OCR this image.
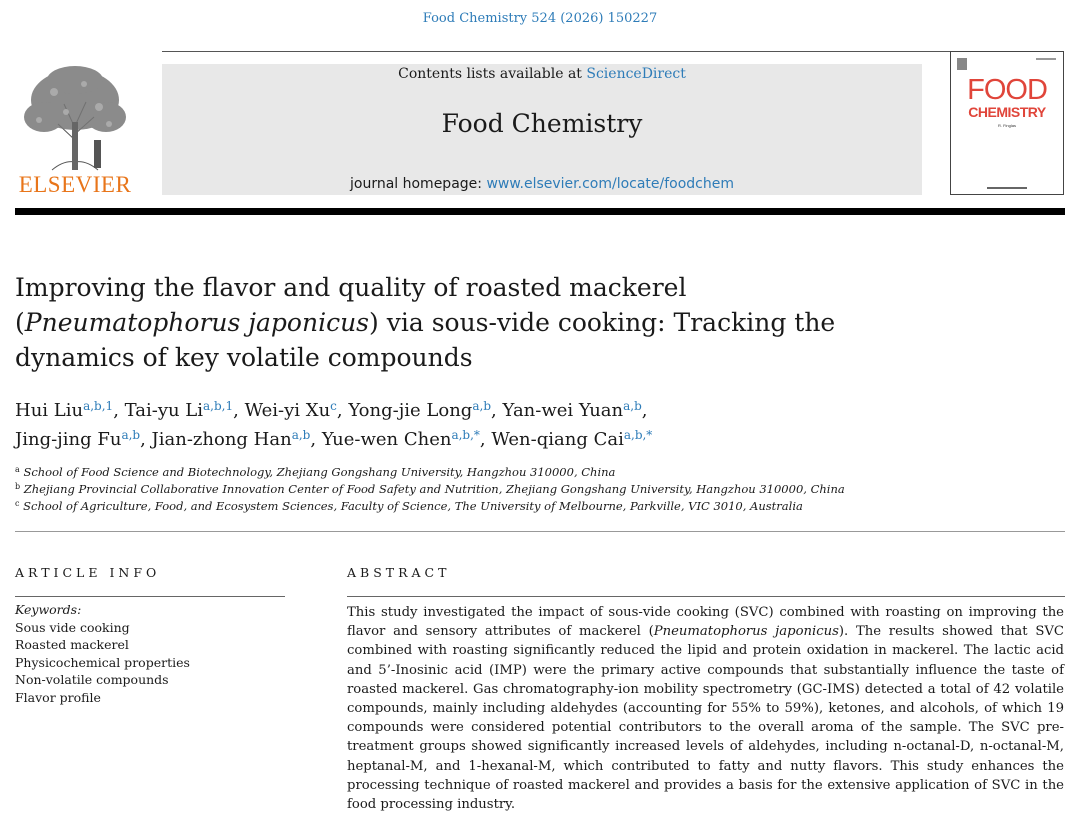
Food Chemistry 524 (2026) 150227
ELSEVIER
Contents lists available at ScienceDirect
Food Chemistry
journal homepage: www.elsevier.com/locate/foodchem
FOOD
CHEMISTRY
R. Finglas
Improving the flavor and quality of roasted mackerel (Pneumatophorus japonicus) via sous-vide cooking: Tracking the dynamics of key volatile compounds
Hui Liu$^{a,b,1}$, Tai-yu Li$^{a,b,1}$, Wei-yi Xu$^c$, Yong-jie Long$^{a,b}$, Yan-wei Yuan$^{a,b}$,
Jing-jing Fu$^{a,b}$, Jian-zhong Han$^{a,b}$, Yue-wen Chen$^{a,b,*}$, Wen-qiang Cai$^{a,b,*}$
$^a$ School of Food Science and Biotechnology, Zhejiang Gongshang University, Hangzhou 310000, China
$^b$ Zhejiang Provincial Collaborative Innovation Center of Food Safety and Nutrition, Zhejiang Gongshang University, Hangzhou 310000, China
$^c$ School of Agriculture, Food, and Ecosystem Sciences, Faculty of Science, The University of Melbourne, Parkville, VIC 3010, Australia
ARTICLE INFO	ABSTRACT
Keywords:
Sous vide cooking
Roasted mackerel
Physicochemical properties
Non-volatile compounds
Flavor profile

This study investigated the impact of sous-vide cooking (SVC) combined with roasting on improving the flavor and sensory attributes of mackerel (Pneumatophorus japonicus). The results showed that SVC combined with roasting significantly reduced the lipid and protein oxidation in mackerel. The lactic acid and 5’-Inosinic acid (IMP) were the primary active compounds that substantially influence the taste of roasted mackerel. Gas chromatography-ion mobility spectrometry (GC-IMS) detected a total of 42 volatile compounds, mainly including aldehydes (accounting for 55% to 59%), ketones, and alcohols, of which 19 compounds were considered potential contributors to the overall aroma of the sample. The SVC pre-treatment groups showed significantly increased levels of aldehydes, including n-octanal-D, n-octanal-M, heptanal-M, and 1-hexanal-M, which contributed to fatty and nutty flavors. This study enhances the processing technique of roasted mackerel and provides a basis for the extensive application of SVC in the food processing industry.
